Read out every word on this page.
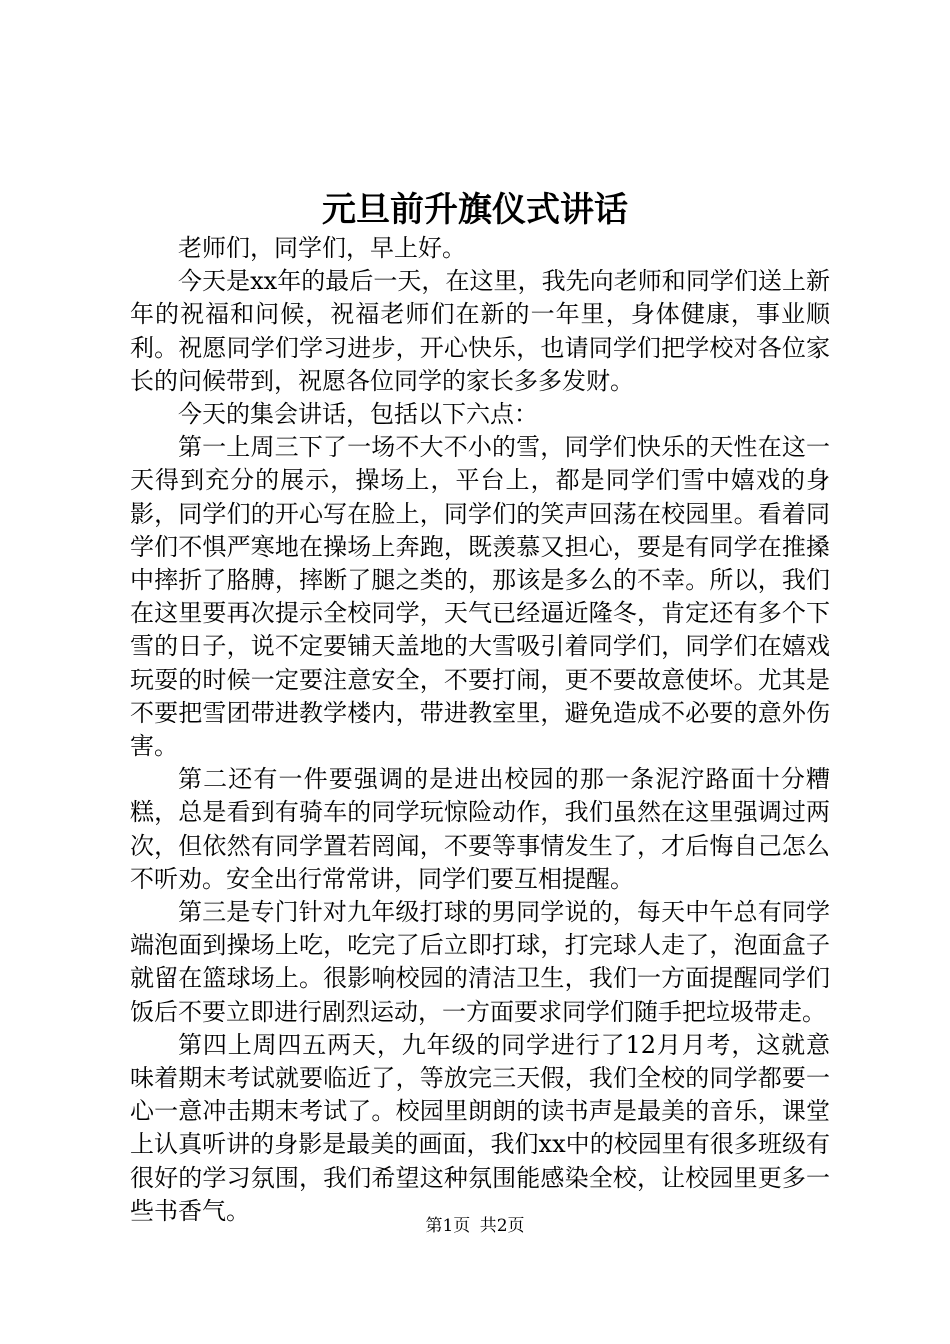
元旦前升旗仪式讲话

老师们，同学们，早上好。

今天是xx年的最后一天，在这里，我先向老师和同学们送上新年的祝福和问候，祝福老师们在新的一年里，身体健康，事业顺利。祝愿同学们学习进步，开心快乐，也请同学们把学校对各位家长的问候带到，祝愿各位同学的家长多多发财。

今天的集会讲话，包括以下六点：

第一上周三下了一场不大不小的雪，同学们快乐的天性在这一天得到充分的展示，操场上，平台上，都是同学们雪中嬉戏的身影，同学们的开心写在脸上，同学们的笑声回荡在校园里。看着同学们不惧严寒地在操场上奔跑，既羡慕又担心，要是有同学在推搡中摔折了胳膊，摔断了腿之类的，那该是多么的不幸。所以，我们在这里要再次提示全校同学，天气已经逼近隆冬，肯定还有多个下雪的日子，说不定要铺天盖地的大雪吸引着同学们，同学们在嬉戏玩耍的时候一定要注意安全，不要打闹，更不要故意使坏。尤其是不要把雪团带进教学楼内，带进教室里，避免造成不必要的意外伤害。

第二还有一件要强调的是进出校园的那一条泥泞路面十分糟糕，总是看到有骑车的同学玩惊险动作，我们虽然在这里强调过两次，但依然有同学置若罔闻，不要等事情发生了，才后悔自己怎么不听劝。安全出行常常讲，同学们要互相提醒。

第三是专门针对九年级打球的男同学说的，每天中午总有同学端泡面到操场上吃，吃完了后立即打球，打完球人走了，泡面盒子就留在篮球场上。很影响校园的清洁卫生，我们一方面提醒同学们饭后不要立即进行剧烈运动，一方面要求同学们随手把垃圾带走。

第四上周四五两天，九年级的同学进行了12月月考，这就意味着期末考试就要临近了，等放完三天假，我们全校的同学都要一心一意冲击期末考试了。校园里朗朗的读书声是最美的音乐，课堂上认真听讲的身影是最美的画面，我们xx中的校园里有很多班级有很好的学习氛围，我们希望这种氛围能感染全校，让校园里更多一些书香气。

第1页 共2页
